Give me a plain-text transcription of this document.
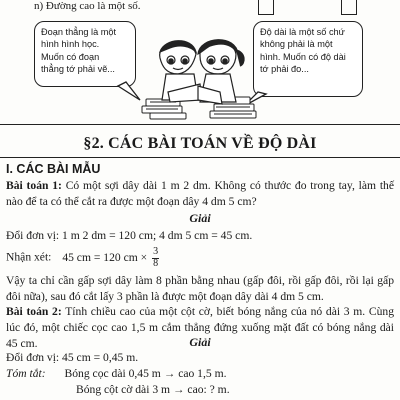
n) Đường cao là một số.
Đoạn thẳng là một
hình hình học.
Muốn có đoạn
thẳng tớ phải vẽ...
Độ dài là một số chứ
không phải là một
hình. Muốn có độ dài
tớ phải đo...
§2. CÁC BÀI TOÁN VỀ ĐỘ DÀI
I. CÁC BÀI MẪU
Bài toán 1: Có một sợi dây dài 1 m 2 dm. Không có thước đo trong tay, làm thế nào để ta có thể cắt ra được một đoạn dây 4 dm 5 cm?
Giải
Đổi đơn vị: 1 m 2 dm = 120 cm; 4 dm 5 cm = 45 cm.
Nhận xét: 45 cm = 120 cm × $\frac{3}{8}$
Vậy ta chỉ cần gấp sợi dây làm 8 phần bằng nhau (gấp đôi, rồi gấp đôi, rồi lại gấp đôi nữa), sau đó cắt lấy 3 phần là được một đoạn dây dài 4 dm 5 cm.
Bài toán 2: Tính chiều cao của một cột cờ, biết bóng nắng của nó dài 3 m. Cùng lúc đó, một chiếc cọc cao 1,5 m cắm thẳng đứng xuống mặt đất có bóng nắng dài 45 cm.	Giải
Đổi đơn vị: 45 cm = 0,45 m.
Tóm tắt: Bóng cọc dài 0,45 m → cao 1,5 m.
Bóng cột cờ dài 3 m → cao: ? m.
